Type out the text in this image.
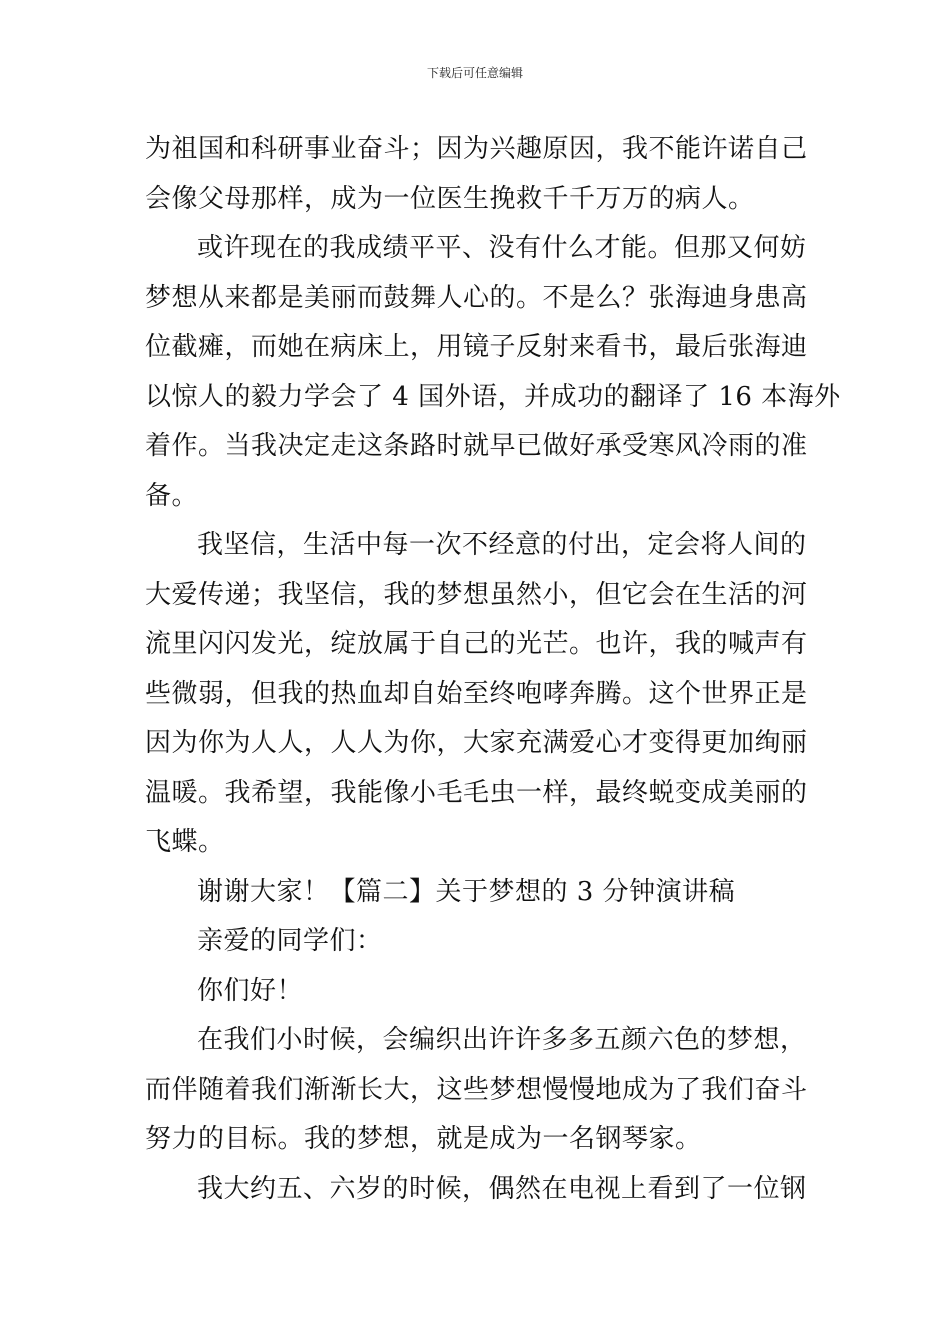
下载后可任意编辑
为祖国和科研事业奋斗；因为兴趣原因，我不能许诺自己
会像父母那样，成为一位医生挽救千千万万的病人。
或许现在的我成绩平平、没有什么才能。但那又何妨
梦想从来都是美丽而鼓舞人心的。不是么？张海迪身患高
位截瘫，而她在病床上，用镜子反射来看书，最后张海迪
以惊人的毅力学会了 4 国外语，并成功的翻译了 16 本海外
着作。当我决定走这条路时就早已做好承受寒风冷雨的准
备。
我坚信，生活中每一次不经意的付出，定会将人间的
大爱传递；我坚信，我的梦想虽然小，但它会在生活的河
流里闪闪发光，绽放属于自己的光芒。也许，我的喊声有
些微弱，但我的热血却自始至终咆哮奔腾。这个世界正是
因为你为人人，人人为你，大家充满爱心才变得更加绚丽
温暖。我希望，我能像小毛毛虫一样，最终蜕变成美丽的
飞蝶。
谢谢大家！【篇二】关于梦想的 3 分钟演讲稿
亲爱的同学们：
你们好！
在我们小时候，会编织出许许多多五颜六色的梦想，
而伴随着我们渐渐长大，这些梦想慢慢地成为了我们奋斗
努力的目标。我的梦想，就是成为一名钢琴家。
我大约五、六岁的时候，偶然在电视上看到了一位钢
